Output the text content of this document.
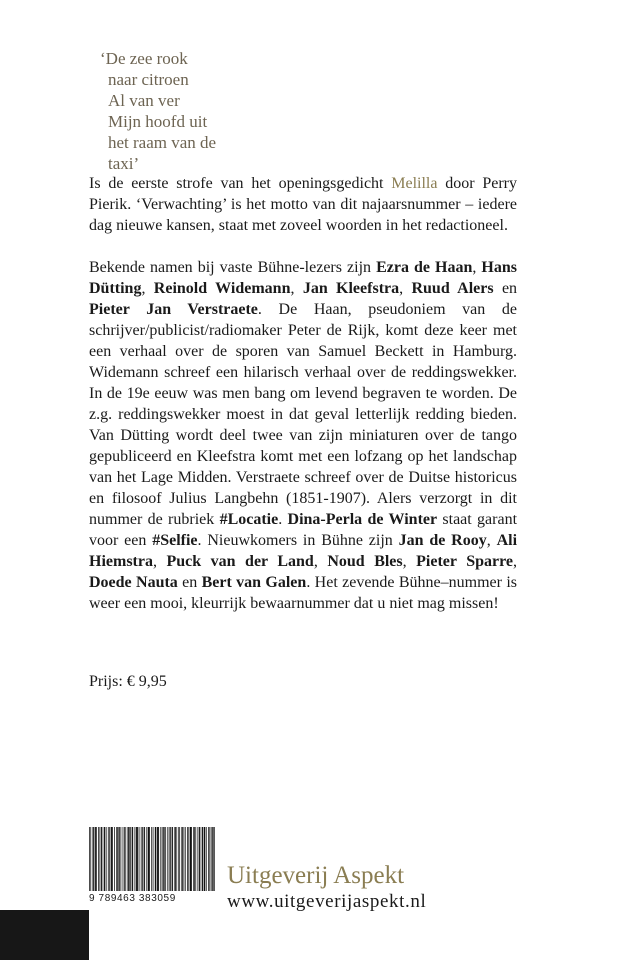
‘De zee rook
naar citroen
Al van ver
Mijn hoofd uit
het raam van de
taxi’

Is de eerste strofe van het openingsgedicht Melilla door Perry Pierik. ‘Verwachting’ is het motto van dit najaarsnummer – iedere dag nieuwe kansen, staat met zoveel woorden in het redactioneel.

Bekende namen bij vaste Bühne-lezers zijn Ezra de Haan, Hans Dütting, Reinold Widemann, Jan Kleefstra, Ruud Alers en Pieter Jan Verstraete. De Haan, pseudoniem van de schrijver/publicist/radiomaker Peter de Rijk, komt deze keer met een verhaal over de sporen van Samuel Beckett in Hamburg. Widemann schreef een hilarisch verhaal over de reddingswekker. In de 19e eeuw was men bang om levend begraven te worden. De z.g. reddingswekker moest in dat geval letterlijk redding bieden. Van Dütting wordt deel twee van zijn miniaturen over de tango gepubliceerd en Kleefstra komt met een lofzang op het landschap van het Lage Midden. Verstraete schreef over de Duitse historicus en filosoof Julius Langbehn (1851-1907). Alers verzorgt in dit nummer de rubriek #Locatie. Dina-Perla de Winter staat garant voor een #Selfie. Nieuwkomers in Bühne zijn Jan de Rooy, Ali Hiemstra, Puck van der Land, Noud Bles, Pieter Sparre, Doede Nauta en Bert van Galen. Het zevende Bühne–nummer is weer een mooi, kleurrijk bewaarnummer dat u niet mag missen!

Prijs: € 9,95
9 789463 383059
Uitgeverij Aspekt
www.uitgeverijaspekt.nl
